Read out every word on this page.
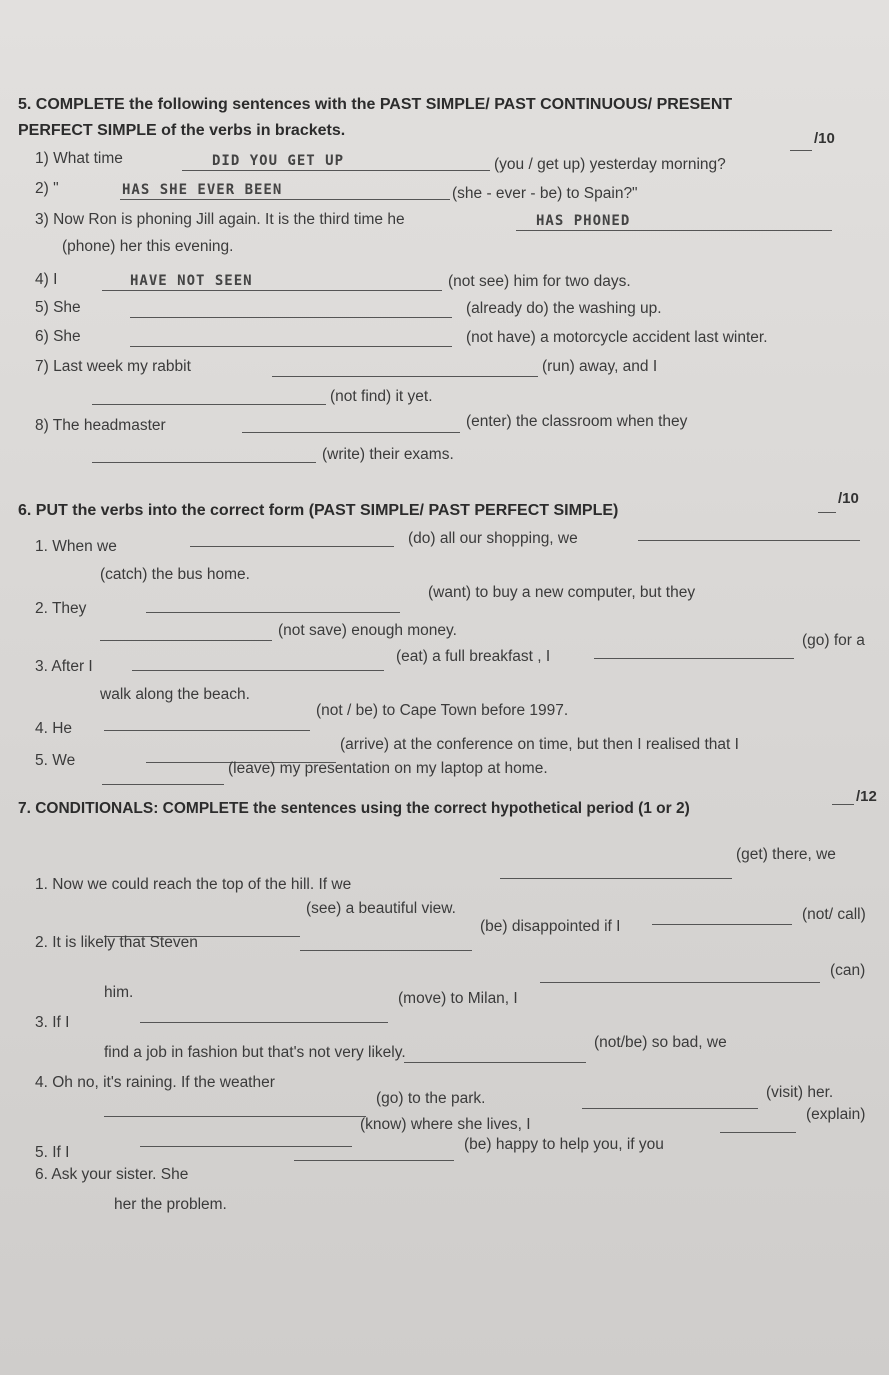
5. COMPLETE the following sentences with the PAST SIMPLE/ PAST CONTINUOUS/ PRESENT
PERFECT SIMPLE of the verbs in brackets.	/10
1) What time	DID YOU GET UP	(you / get up) yesterday morning?
2) "	HAS SHE EVER BEEN	(she - ever - be) to Spain?"
3) Now Ron is phoning Jill again. It is the third time he	HAS PHONED
(phone) her this evening.
4) I	HAVE NOT SEEN	(not see) him for two days.
5) She	(already do) the washing up.
6) She	(not have) a motorcycle accident last winter.
7) Last week my rabbit	(run) away, and I
(not find) it yet.
8) The headmaster	(enter) the classroom when they
(write) their exams.
6. PUT the verbs into the correct form (PAST SIMPLE/ PAST PERFECT SIMPLE)
/10
1. When we	(do) all our shopping, we
(catch) the bus home.
2. They
(want) to buy a new computer, but they
(not save) enough money.
3. After I
(eat) a full breakfast , I
(go) for a
walk along the beach.
4. He
(not / be) to Cape Town before 1997.
5. We
(arrive) at the conference on time, but then I realised that I
(leave) my presentation on my laptop at home.
7. CONDITIONALS: COMPLETE the sentences using the correct hypothetical period (1 or 2)
/12
1. Now we could reach the top of the hill. If we
(get) there, we
(see) a beautiful view.
2. It is likely that Steven
(be) disappointed if I
(not/ call)
him.
3. If I
(move) to Milan, I
(can)
find a job in fashion but that's not very likely.
4. Oh no, it's raining. If the weather
(not/be) so bad, we
(go) to the park.
5. If I
(know) where she lives, I
(visit) her.
6. Ask your sister. She
(be) happy to help you, if you
(explain)
her the problem.
